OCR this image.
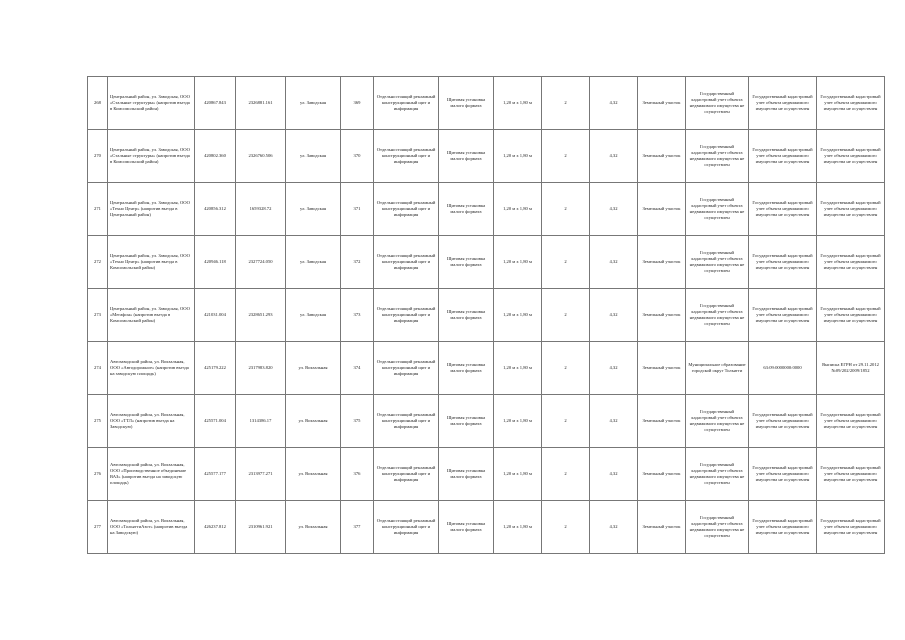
268	Центральный район, ул. Заводская, ООО «Стальные структуры» (напротив въезда в Комсомольский район)	420867.843	2326881.161	ул. Заводская	369	Отдельностоящий рекламный конструкционный щит и информация	Щитовая установка малого формата	1,20 м х 1,80 м	2	4,32	Земельный участок	Государственный кадастровый учет объекта недвижимого имущества не осуществлен	Государственный кадастровый учет объекта недвижимого имущества не осуществлен	Государственный кадастровый учет объекта недвижимого имущества не осуществлен
270	Центральный район, ул. Заводская, ООО «Стальные структуры» (напротив въезда в Комсомольский район)	420802.360	2326760.506	ул. Заводская	370	Отдельностоящий рекламный конструкционный щит и информация	Щитовая установка малого формата	1,20 м х 1,80 м	2	4,32	Земельный участок	Государственный кадастровый учет объекта недвижимого имущества не осуществлен	Государственный кадастровый учет объекта недвижимого имущества не осуществлен	Государственный кадастровый учет объекта недвижимого имущества не осуществлен
271	Центральный район, ул. Заводская, ООО «Техно Центр» (напротив въезда в Центральный район)	420856.312	1659328.72	ул. Заводская	371	Отдельностоящий рекламный конструкционный щит и информация	Щитовая установка малого формата	1,20 м х 1,80 м	2	4,32	Земельный участок	Государственный кадастровый учет объекта недвижимого имущества не осуществлен	Государственный кадастровый учет объекта недвижимого имущества не осуществлен	Государственный кадастровый учет объекта недвижимого имущества не осуществлен
272	Центральный район, ул. Заводская, ООО «Техно Центр» (напротив въезда в Комсомольский район)	420946.118	2327724.050	ул. Заводская	372	Отдельностоящий рекламный конструкционный щит и информация	Щитовая установка малого формата	1,20 м х 1,80 м	2	4,32	Земельный участок	Государственный кадастровый учет объекта недвижимого имущества не осуществлен	Государственный кадастровый учет объекта недвижимого имущества не осуществлен	Государственный кадастровый учет объекта недвижимого имущества не осуществлен
273	Центральный район, ул. Заводская, ООО «Мегафон» (напротив въезда в Комсомольский район)	421031.004	2328651.293	ул. Заводская	373	Отдельностоящий рекламный конструкционный щит и информация	Щитовая установка малого формата	1,20 м х 1,80 м	2	4,32	Земельный участок	Государственный кадастровый учет объекта недвижимого имущества не осуществлен	Государственный кадастровый учет объекта недвижимого имущества не осуществлен	Государственный кадастровый учет объекта недвижимого имущества не осуществлен
274	Автозаводский район, ул. Вокзальная, ООО «Автодорожное» (напротив въезда на заводскую площадь)	425179.222	2317983.820	ул. Вокзальная	374	Отдельностоящий рекламный конструкционный щит и информация	Щитовая установка малого формата	1,20 м х 1,80 м	2	4,32	Земельный участок	Муниципальное образование городской округ Тольятти	63:09:0000000:0000	Выписка ЕГРН от 29.11.2012 №09/202/2009/1852
275	Автозаводский район, ул. Вокзальная, ООО «ТТЛ» (напротив въезда на Заводскую)	425571.004	1314386.17	ул. Вокзальная	375	Отдельностоящий рекламный конструкционный щит и информация	Щитовая установка малого формата	1,20 м х 1,80 м	2	4,32	Земельный участок	Государственный кадастровый учет объекта недвижимого имущества не осуществлен	Государственный кадастровый учет объекта недвижимого имущества не осуществлен	Государственный кадастровый учет объекта недвижимого имущества не осуществлен
276	Автозаводский район, ул. Вокзальная, ООО «Производственное объединение ВАЗ» (напротив въезда на заводскую площадь)	425577.177	2313977.271	ул. Вокзальная	376	Отдельностоящий рекламный конструкционный щит и информация	Щитовая установка малого формата	1,20 м х 1,80 м	2	4,32	Земельный участок	Государственный кадастровый учет объекта недвижимого имущества не осуществлен	Государственный кадастровый учет объекта недвижимого имущества не осуществлен	Государственный кадастровый учет объекта недвижимого имущества не осуществлен
277	Автозаводский район, ул. Вокзальная, ООО «ТольяттиАзот» (напротив въезда на Заводскую)	426237.812	2310961.921	ул. Вокзальная	377	Отдельностоящий рекламный конструкционный щит и информация	Щитовая установка малого формата	1,20 м х 1,80 м	2	4,32	Земельный участок	Государственный кадастровый учет объекта недвижимого имущества не осуществлен	Государственный кадастровый учет объекта недвижимого имущества не осуществлен	Государственный кадастровый учет объекта недвижимого имущества не осуществлен
